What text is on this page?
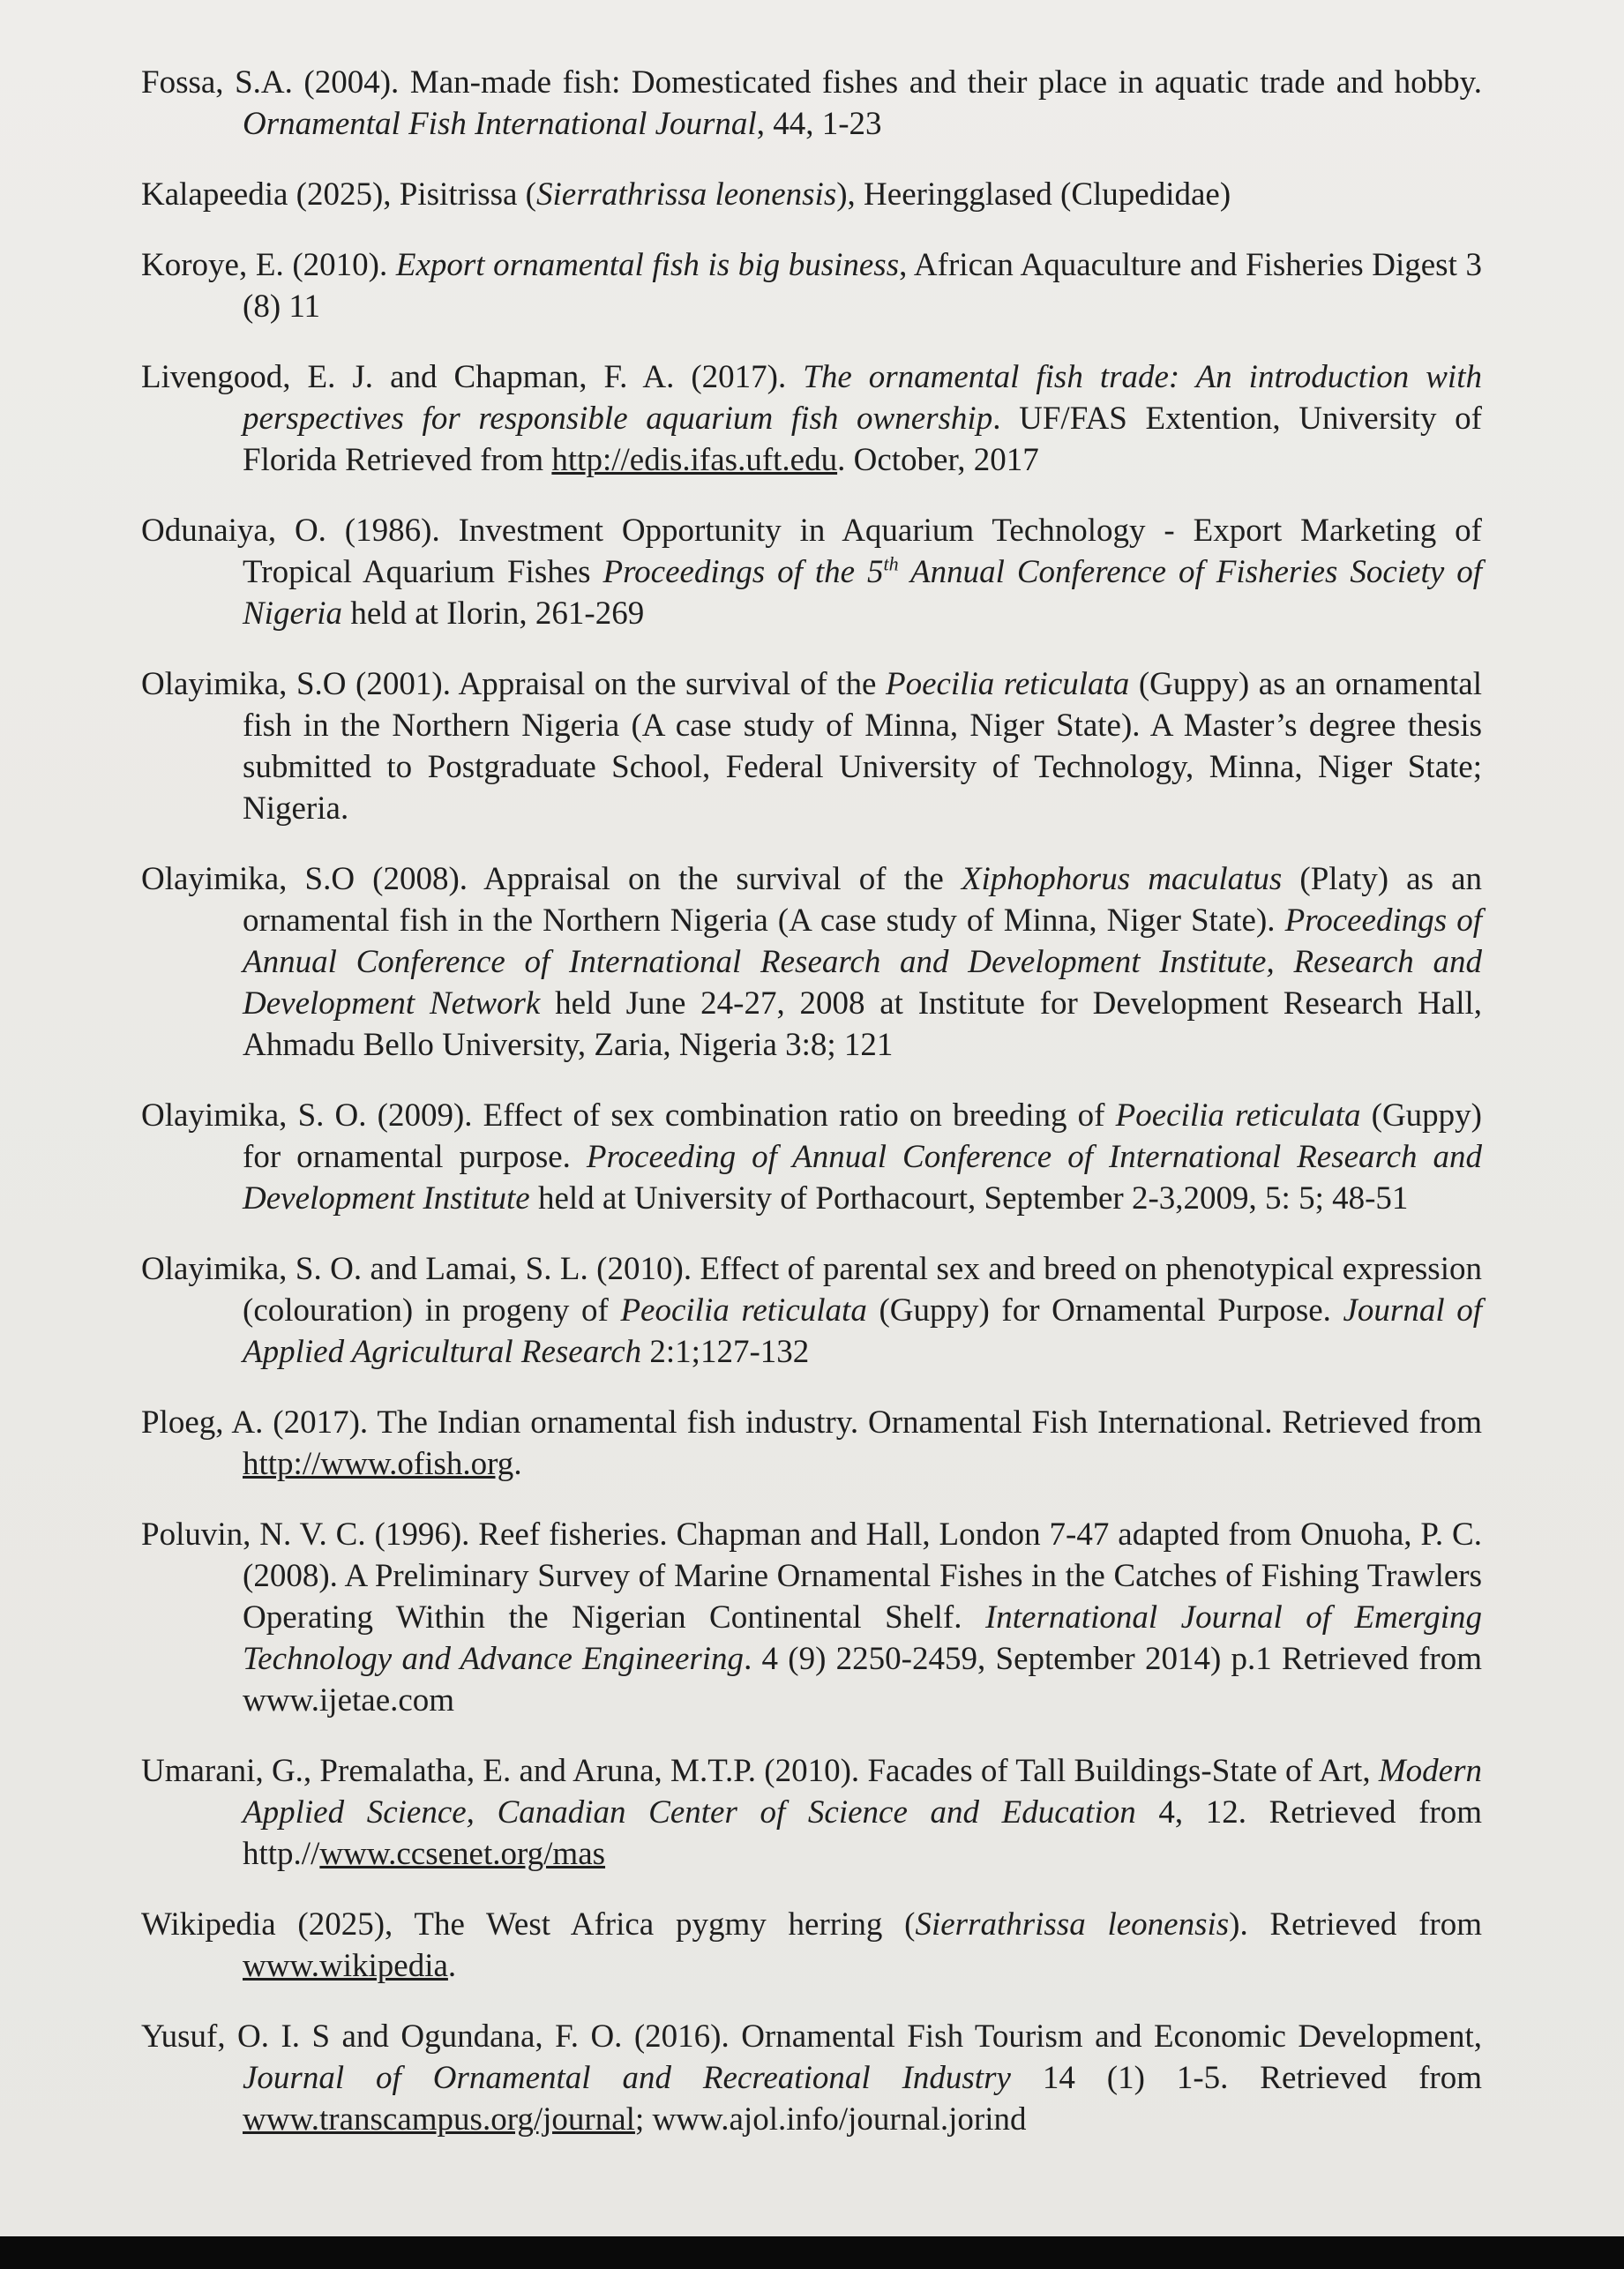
Fossa, S.A. (2004). Man-made fish: Domesticated fishes and their place in aquatic trade and hobby. Ornamental Fish International Journal, 44, 1-23

Kalapeedia (2025), Pisitrissa (Sierrathrissa leonensis), Heeringglased (Clupedidae)

Koroye, E. (2010). Export ornamental fish is big business, African Aquaculture and Fisheries Digest 3 (8) 11

Livengood, E. J. and Chapman, F. A. (2017). The ornamental fish trade: An introduction with perspectives for responsible aquarium fish ownership. UF/FAS Extention, University of Florida Retrieved from http://edis.ifas.uft.edu. October, 2017

Odunaiya, O. (1986). Investment Opportunity in Aquarium Technology - Export Marketing of Tropical Aquarium Fishes Proceedings of the 5th Annual Conference of Fisheries Society of Nigeria held at Ilorin, 261-269

Olayimika, S.O (2001). Appraisal on the survival of the Poecilia reticulata (Guppy) as an ornamental fish in the Northern Nigeria (A case study of Minna, Niger State). A Master’s degree thesis submitted to Postgraduate School, Federal University of Technology, Minna, Niger State; Nigeria.

Olayimika, S.O (2008). Appraisal on the survival of the Xiphophorus maculatus (Platy) as an ornamental fish in the Northern Nigeria (A case study of Minna, Niger State). Proceedings of Annual Conference of International Research and Development Institute, Research and Development Network held June 24-27, 2008 at Institute for Development Research Hall, Ahmadu Bello University, Zaria, Nigeria 3:8; 121

Olayimika, S. O. (2009). Effect of sex combination ratio on breeding of Poecilia reticulata (Guppy) for ornamental purpose. Proceeding of Annual Conference of International Research and Development Institute held at University of Porthacourt, September 2-3,2009, 5: 5; 48-51

Olayimika, S. O. and Lamai, S. L. (2010). Effect of parental sex and breed on phenotypical expression (colouration) in progeny of Peocilia reticulata (Guppy) for Ornamental Purpose. Journal of Applied Agricultural Research 2:1;127-132

Ploeg, A. (2017). The Indian ornamental fish industry. Ornamental Fish International. Retrieved from http://www.ofish.org.

Poluvin, N. V. C. (1996). Reef fisheries. Chapman and Hall, London 7-47 adapted from Onuoha, P. C. (2008). A Preliminary Survey of Marine Ornamental Fishes in the Catches of Fishing Trawlers Operating Within the Nigerian Continental Shelf. International Journal of Emerging Technology and Advance Engineering. 4 (9) 2250-2459, September 2014) p.1 Retrieved from www.ijetae.com

Umarani, G., Premalatha, E. and Aruna, M.T.P. (2010). Facades of Tall Buildings-State of Art, Modern Applied Science, Canadian Center of Science and Education 4, 12. Retrieved from http.//www.ccsenet.org/mas

Wikipedia (2025), The West Africa pygmy herring (Sierrathrissa leonensis). Retrieved from www.wikipedia.

Yusuf, O. I. S and Ogundana, F. O. (2016). Ornamental Fish Tourism and Economic Development, Journal of Ornamental and Recreational Industry 14 (1) 1-5. Retrieved from www.transcampus.org/journal; www.ajol.info/journal.jorind
